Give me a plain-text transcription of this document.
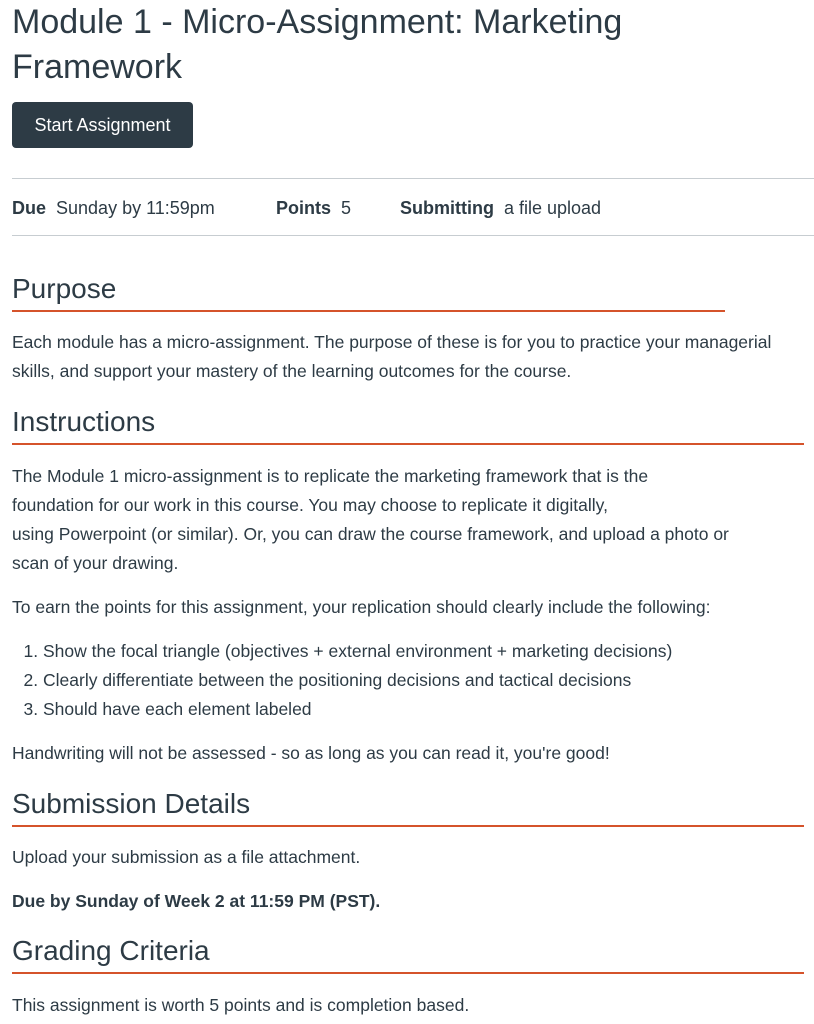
Module 1 - Micro-Assignment: Marketing Framework
Start Assignment
Due Sunday by 11:59pm	Points 5	Submitting a file upload
Purpose

Each module has a micro-assignment. The purpose of these is for you to practice your managerial skills, and support your mastery of the learning outcomes for the course.

Instructions

The Module 1 micro-assignment is to replicate the marketing framework that is the
foundation for our work in this course. You may choose to replicate it digitally,
using Powerpoint (or similar). Or, you can draw the course framework, and upload a photo or
scan of your drawing.

To earn the points for this assignment, your replication should clearly include the following:

1. Show the focal triangle (objectives + external environment + marketing decisions)
2. Clearly differentiate between the positioning decisions and tactical decisions
3. Should have each element labeled

Handwriting will not be assessed - so as long as you can read it, you're good!

Submission Details

Upload your submission as a file attachment.

Due by Sunday of Week 2 at 11:59 PM (PST).

Grading Criteria

This assignment is worth 5 points and is completion based.
